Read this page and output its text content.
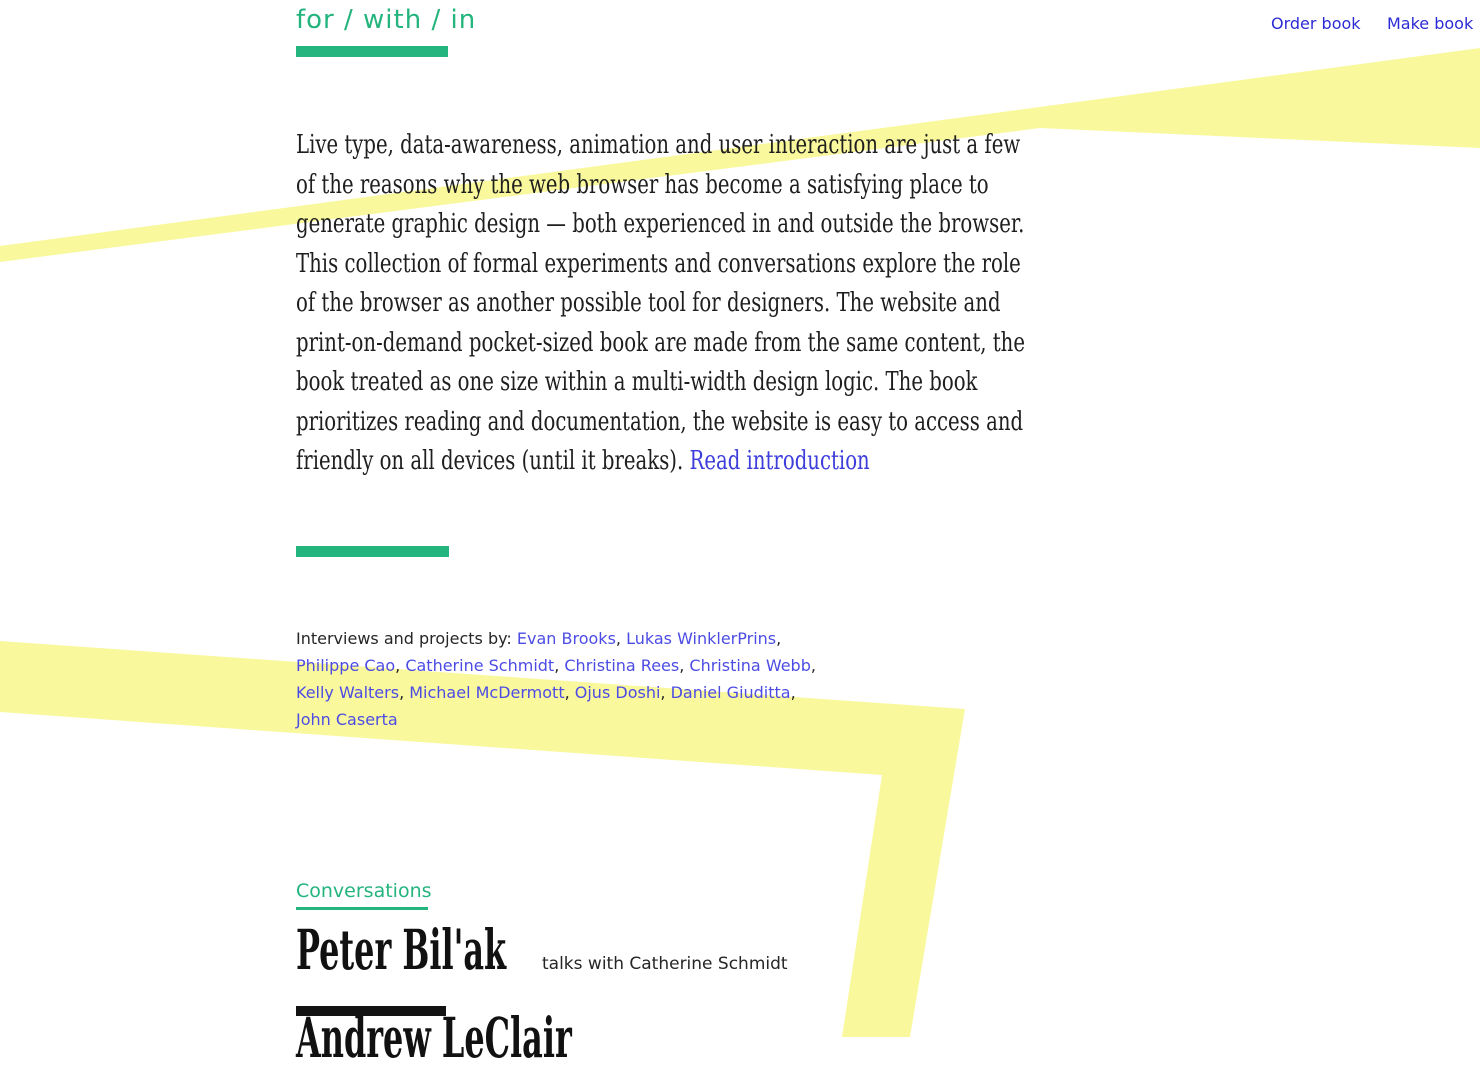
for / with / in	Order book Make book

Live type, data-awareness, animation and user interaction are just a few of the reasons why the web browser has become a satisfying place to generate graphic design — both experienced in and outside the browser. This collection of formal experiments and conversations explore the role of the browser as another possible tool for designers. The website and print-on-demand pocket-sized book are made from the same content, the book treated as one size within a multi-width design logic. The book prioritizes reading and documentation, the website is easy to access and friendly on all devices (until it breaks). Read introduction

Interviews and projects by: Evan Brooks, Lukas WinklerPrins,
Philippe Cao, Catherine Schmidt, Christina Rees, Christina Webb,
Kelly Walters, Michael McDermott, Ojus Doshi, Daniel Giuditta,
John Caserta

Conversations
Peter Bil'ak talks with Catherine Schmidt
Andrew LeClair
